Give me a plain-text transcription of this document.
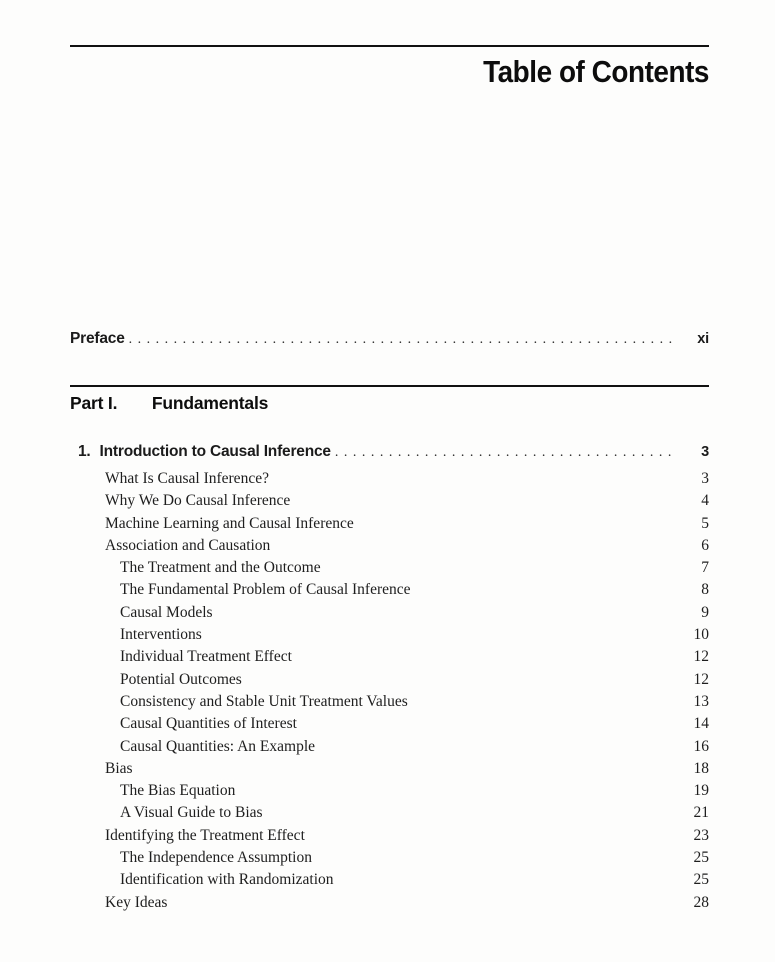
Table of Contents
Preface . . .	xi
Part I. Fundamentals
1. Introduction to Causal Inference . . .	3
What Is Causal Inference?	3
Why We Do Causal Inference	4
Machine Learning and Causal Inference	5
Association and Causation	6
The Treatment and the Outcome	7
The Fundamental Problem of Causal Inference	8
Causal Models	9
Interventions	10
Individual Treatment Effect	12
Potential Outcomes	12
Consistency and Stable Unit Treatment Values	13
Causal Quantities of Interest	14
Causal Quantities: An Example	16
Bias	18
The Bias Equation	19
A Visual Guide to Bias	21
Identifying the Treatment Effect	23
The Independence Assumption	25
Identification with Randomization	25
Key Ideas	28
